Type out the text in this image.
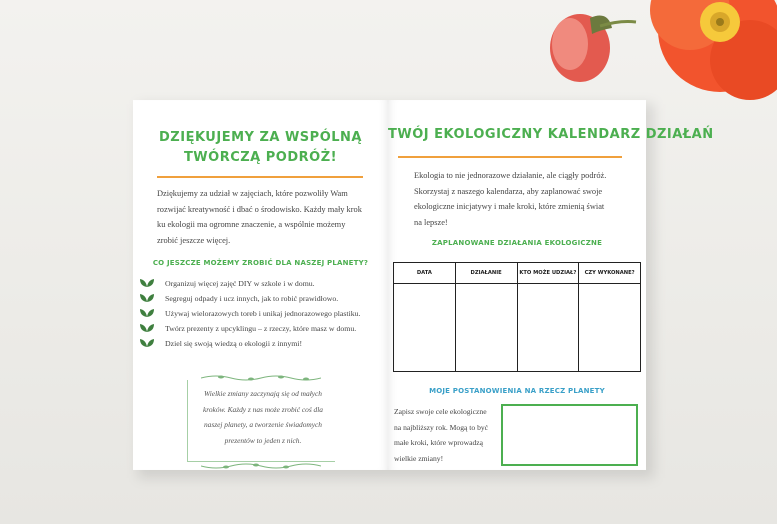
DZIĘKUJEMY ZA WSPÓLNĄ TWÓRCZĄ PODRÓŻ!
Dziękujemy za udział w zajęciach, które pozwoliły Wam rozwijać kreatywność i dbać o środowisko. Każdy mały krok ku ekologii ma ogromne znaczenie, a wspólnie możemy zrobić jeszcze więcej.
CO JESZCZE MOŻEMY ZROBIĆ DLA NASZEJ PLANETY?
Organizuj więcej zajęć DIY w szkole i w domu.
Segreguj odpady i ucz innych, jak to robić prawidłowo.
Używaj wielorazowych toreb i unikaj jednorazowego plastiku.
Twórz prezenty z upcyklingu – z rzeczy, które masz w domu.
Dziel się swoją wiedzą o ekologii z innymi!
Wielkie zmiany zaczynają się od małych kroków. Każdy z nas może zrobić coś dla naszej planety, a tworzenie świadomych prezentów to jeden z nich.
TWÓJ EKOLOGICZNY KALENDARZ DZIAŁAŃ
Ekologia to nie jednorazowe działanie, ale ciągły podróż. Skorzystaj z naszego kalendarza, aby zaplanować swoje ekologiczne inicjatywy i małe kroki, które zmienią świat na lepsze!
ZAPLANOWANE DZIAŁANIA EKOLOGICZNE
DATA	DZIAŁANIE	KTO MOŻE UDZIAŁ?	CZY WYKONANE?

MOJE POSTANOWIENIA NA RZECZ PLANETY
Zapisz swoje cele ekologiczne na najbliższy rok. Mogą to być małe kroki, które wprowadzą wielkie zmiany!
